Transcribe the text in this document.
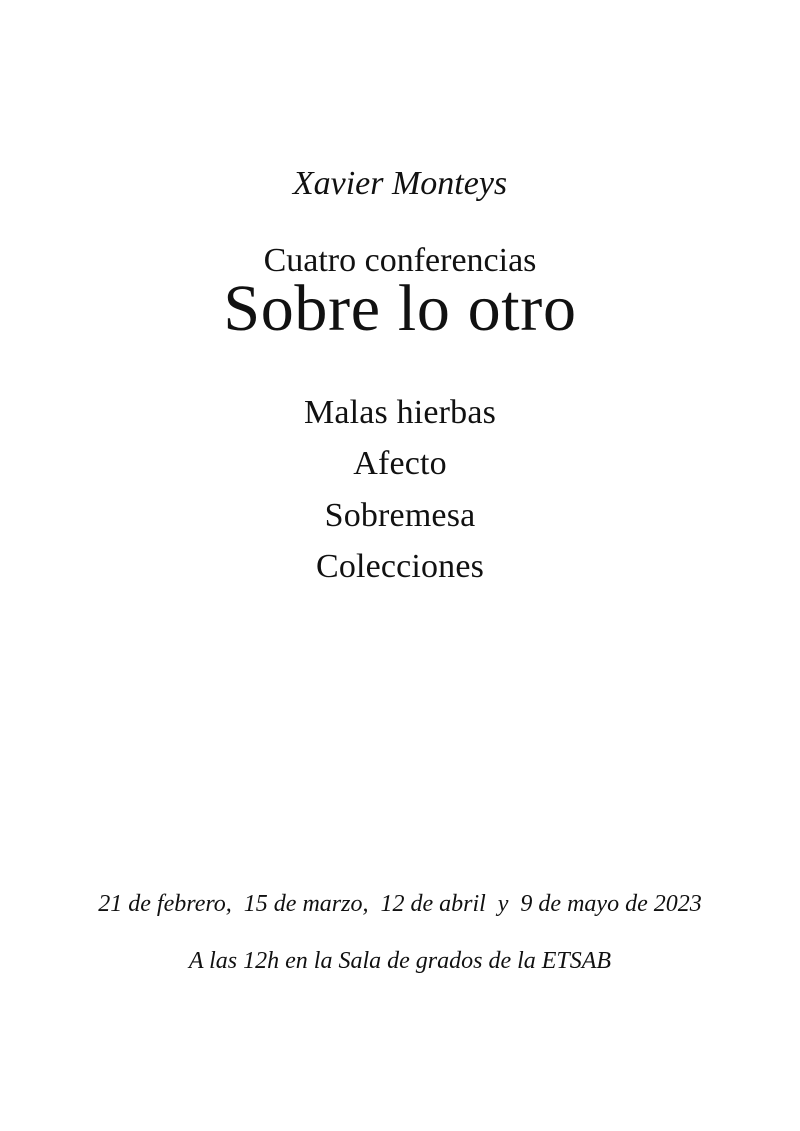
Xavier Monteys
Cuatro conferencias
Sobre lo otro
Malas hierbas
Afecto
Sobremesa
Colecciones
21 de febrero,  15 de marzo,  12 de abril  y  9 de mayo de 2023
A las 12h en la Sala de grados de la ETSAB
